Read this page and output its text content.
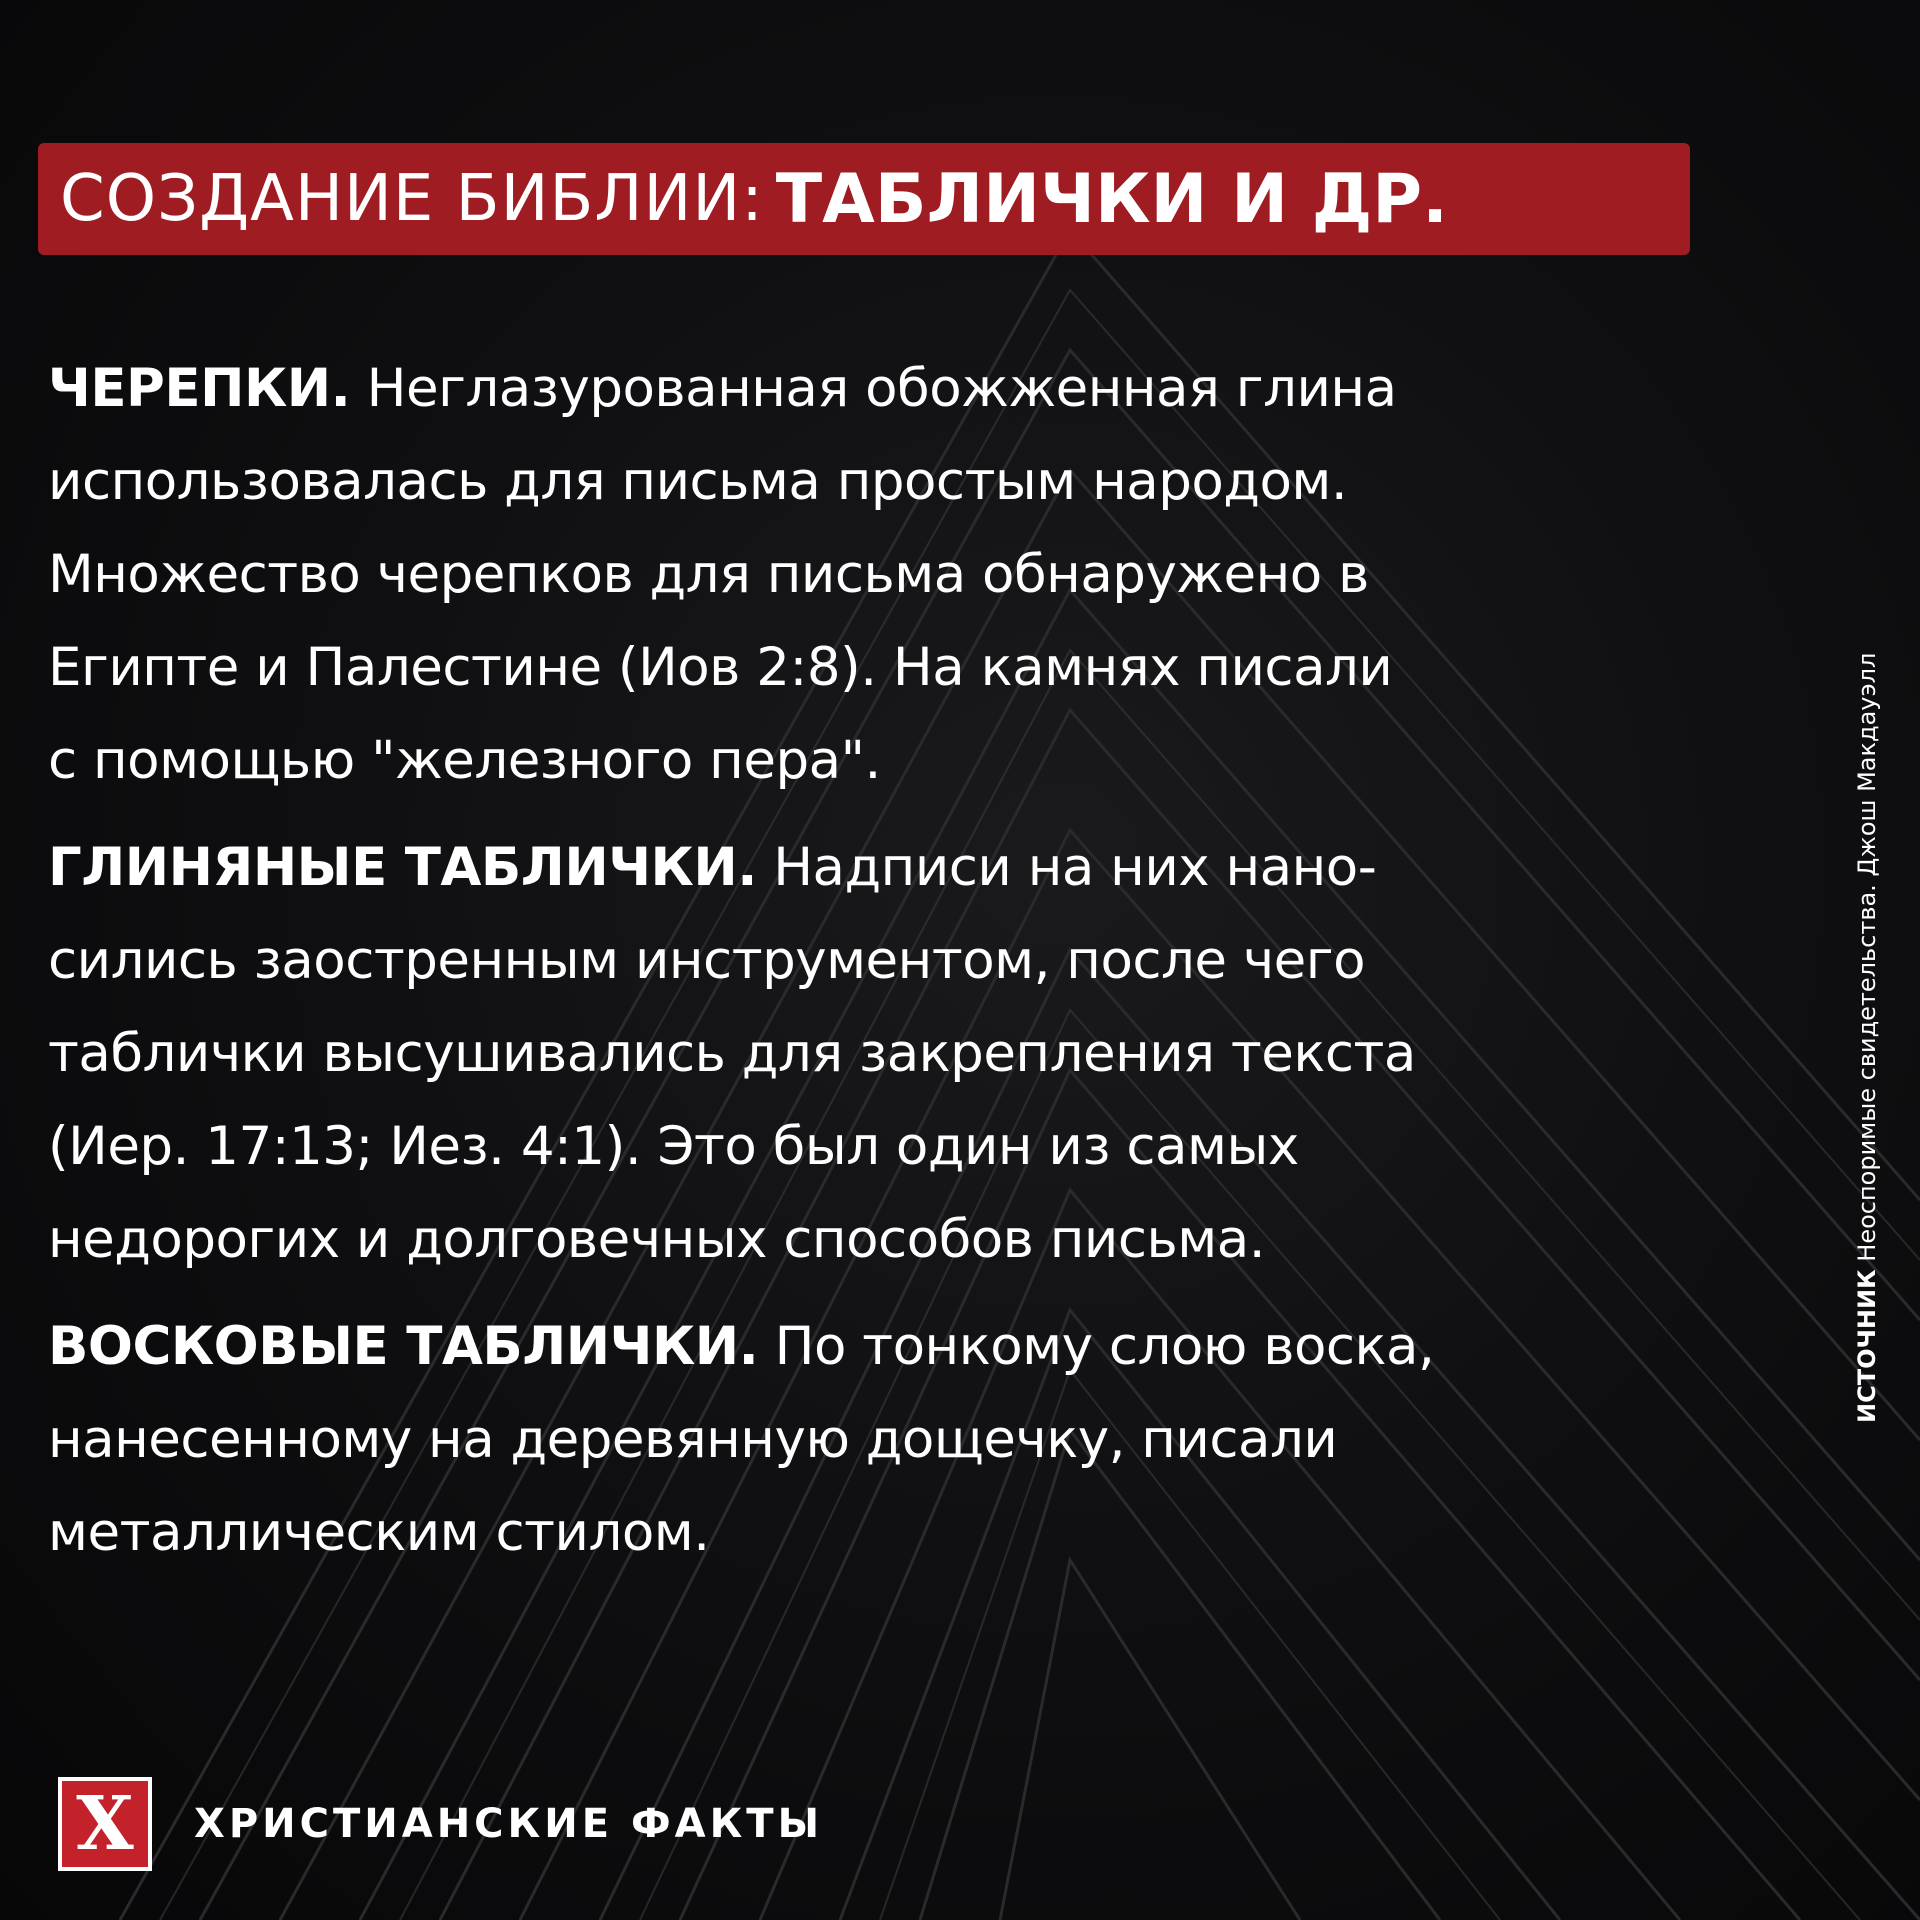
СОЗДАНИЕ БИБЛИИ: ТАБЛИЧКИ И ДР.

ЧЕРЕПКИ. Неглазурованная обожженная глина
использовалась для письма простым народом.
Множество черепков для письма обнаружено в
Египте и Палестине (Иов 2:8). На камнях писали
с помощью "железного пера".

ГЛИНЯНЫЕ ТАБЛИЧКИ. Надписи на них нано-
сились заостренным инструментом, после чего
таблички высушивались для закрепления текста
(Иер. 17:13; Иез. 4:1). Это был один из самых
недорогих и долговечных способов письма.

ВОСКОВЫЕ ТАБЛИЧКИ. По тонкому слою воска,
нанесенному на деревянную дощечку, писали
металлическим стилом.

ИСТОЧНИК Неоспоримые свидетельства. Джош Макдауэлл
Х ХРИСТИАНСКИЕ ФАКТЫ
